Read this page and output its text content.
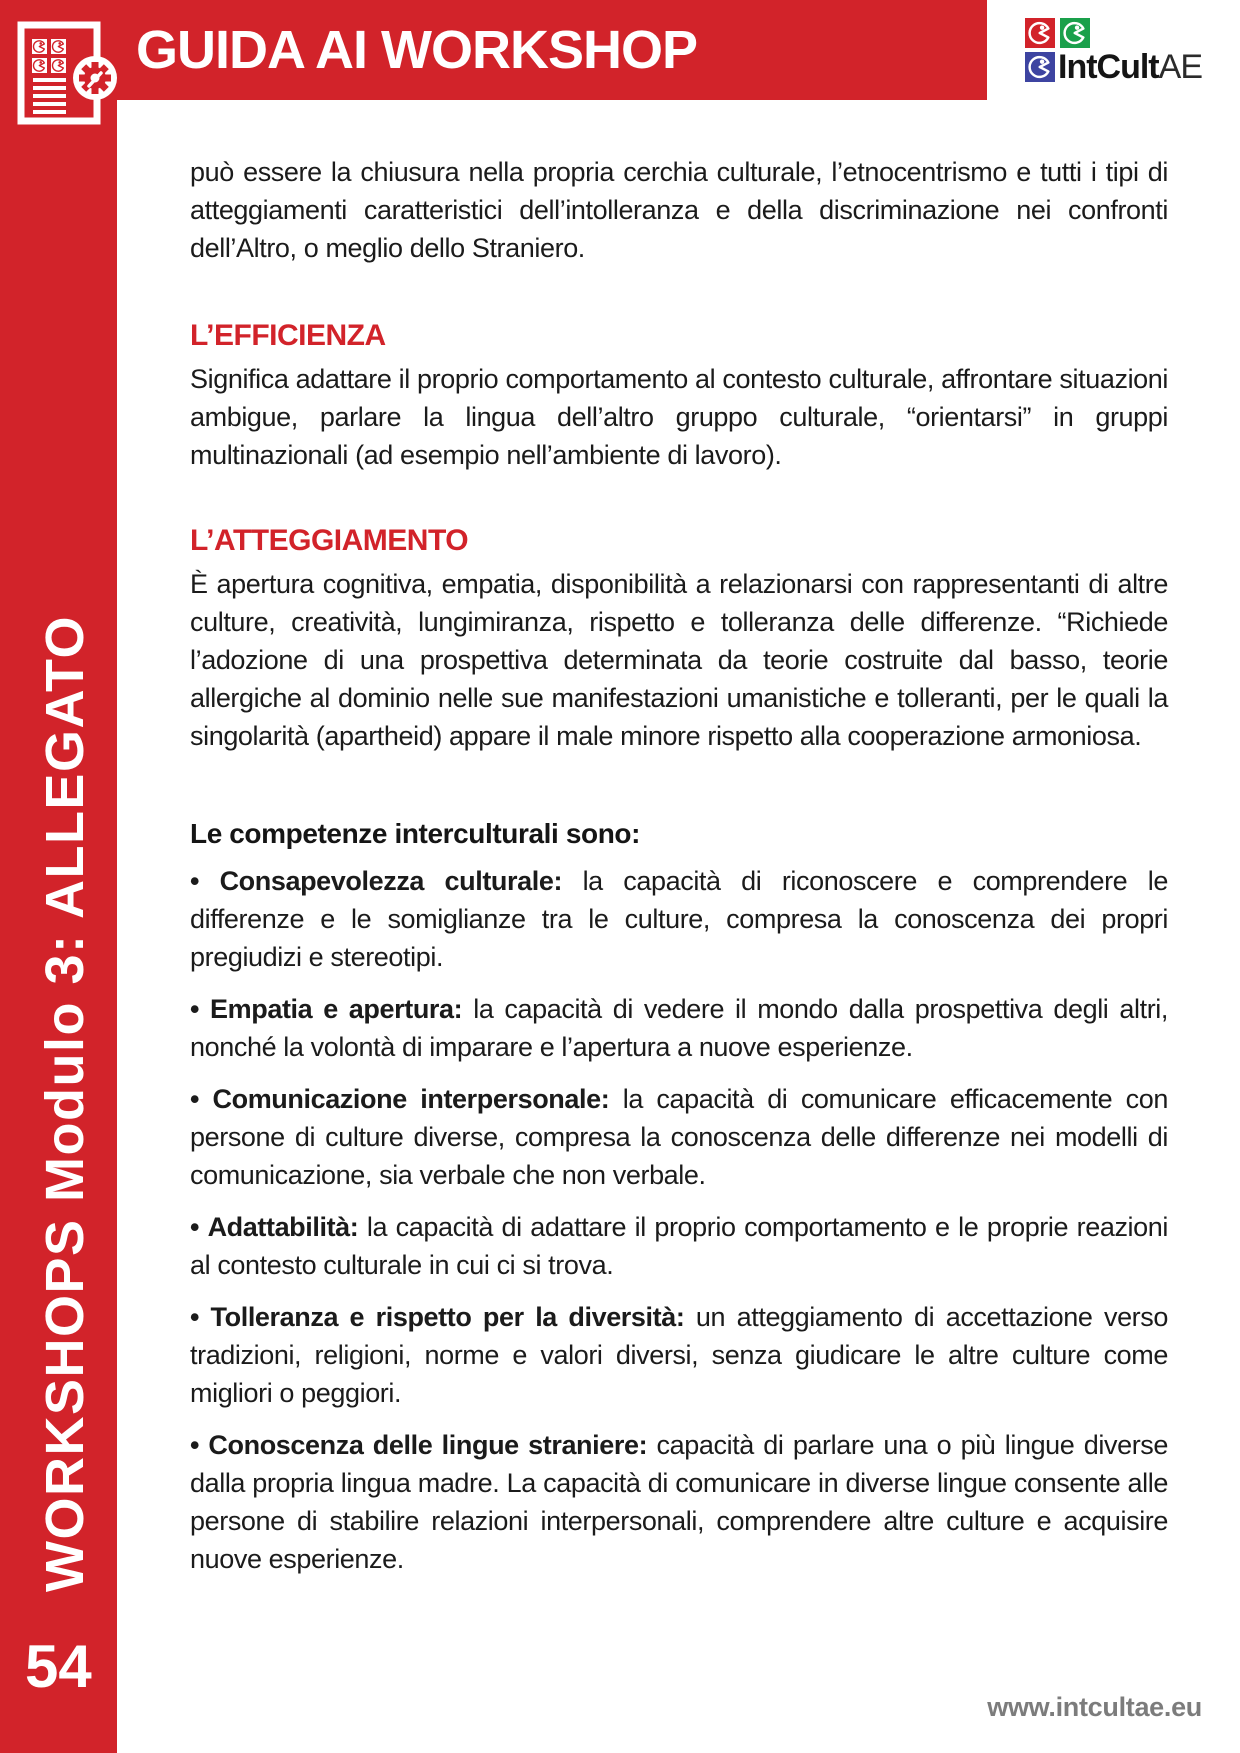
WORKSHOPS Modulo 3: ALLEGATO
54
GUIDA AI WORKSHOP	IntCultAE

può essere la chiusura nella propria cerchia culturale, l’etnocentrismo e tutti i tipi di atteggiamenti caratteristici dell’intolleranza e della discriminazione nei confronti dell’Altro, o meglio dello Straniero.

L’EFFICIENZA

Significa adattare il proprio comportamento al contesto culturale, affrontare situazioni ambigue, parlare la lingua dell’altro gruppo culturale, “orientarsi” in gruppi multinazionali (ad esempio nell’ambiente di lavoro).

L’ATTEGGIAMENTO

È apertura cognitiva, empatia, disponibilità a relazionarsi con rappresentanti di altre culture, creatività, lungimiranza, rispetto e tolleranza delle differenze. “Richiede l’adozione di una prospettiva determinata da teorie costruite dal basso, teorie allergiche al dominio nelle sue manifestazioni umanistiche e tolleranti, per le quali la singolarità (apartheid) appare il male minore rispetto alla cooperazione armoniosa.

Le competenze interculturali sono:
• Consapevolezza culturale: la capacità di riconoscere e comprendere le differenze e le somiglianze tra le culture, compresa la conoscenza dei propri pregiudizi e stereotipi.
• Empatia e apertura: la capacità di vedere il mondo dalla prospettiva degli altri, nonché la volontà di imparare e l’apertura a nuove esperienze.
• Comunicazione interpersonale: la capacità di comunicare efficacemente con persone di culture diverse, compresa la conoscenza delle differenze nei modelli di comunicazione, sia verbale che non verbale.
• Adattabilità: la capacità di adattare il proprio comportamento e le proprie reazioni al contesto culturale in cui ci si trova.
• Tolleranza e rispetto per la diversità: un atteggiamento di accettazione verso tradizioni, religioni, norme e valori diversi, senza giudicare le altre culture come migliori o peggiori.
• Conoscenza delle lingue straniere: capacità di parlare una o più lingue diverse dalla propria lingua madre. La capacità di comunicare in diverse lingue consente alle persone di stabilire relazioni interpersonali, comprendere altre culture e acquisire nuove esperienze.
www.intcultae.eu
